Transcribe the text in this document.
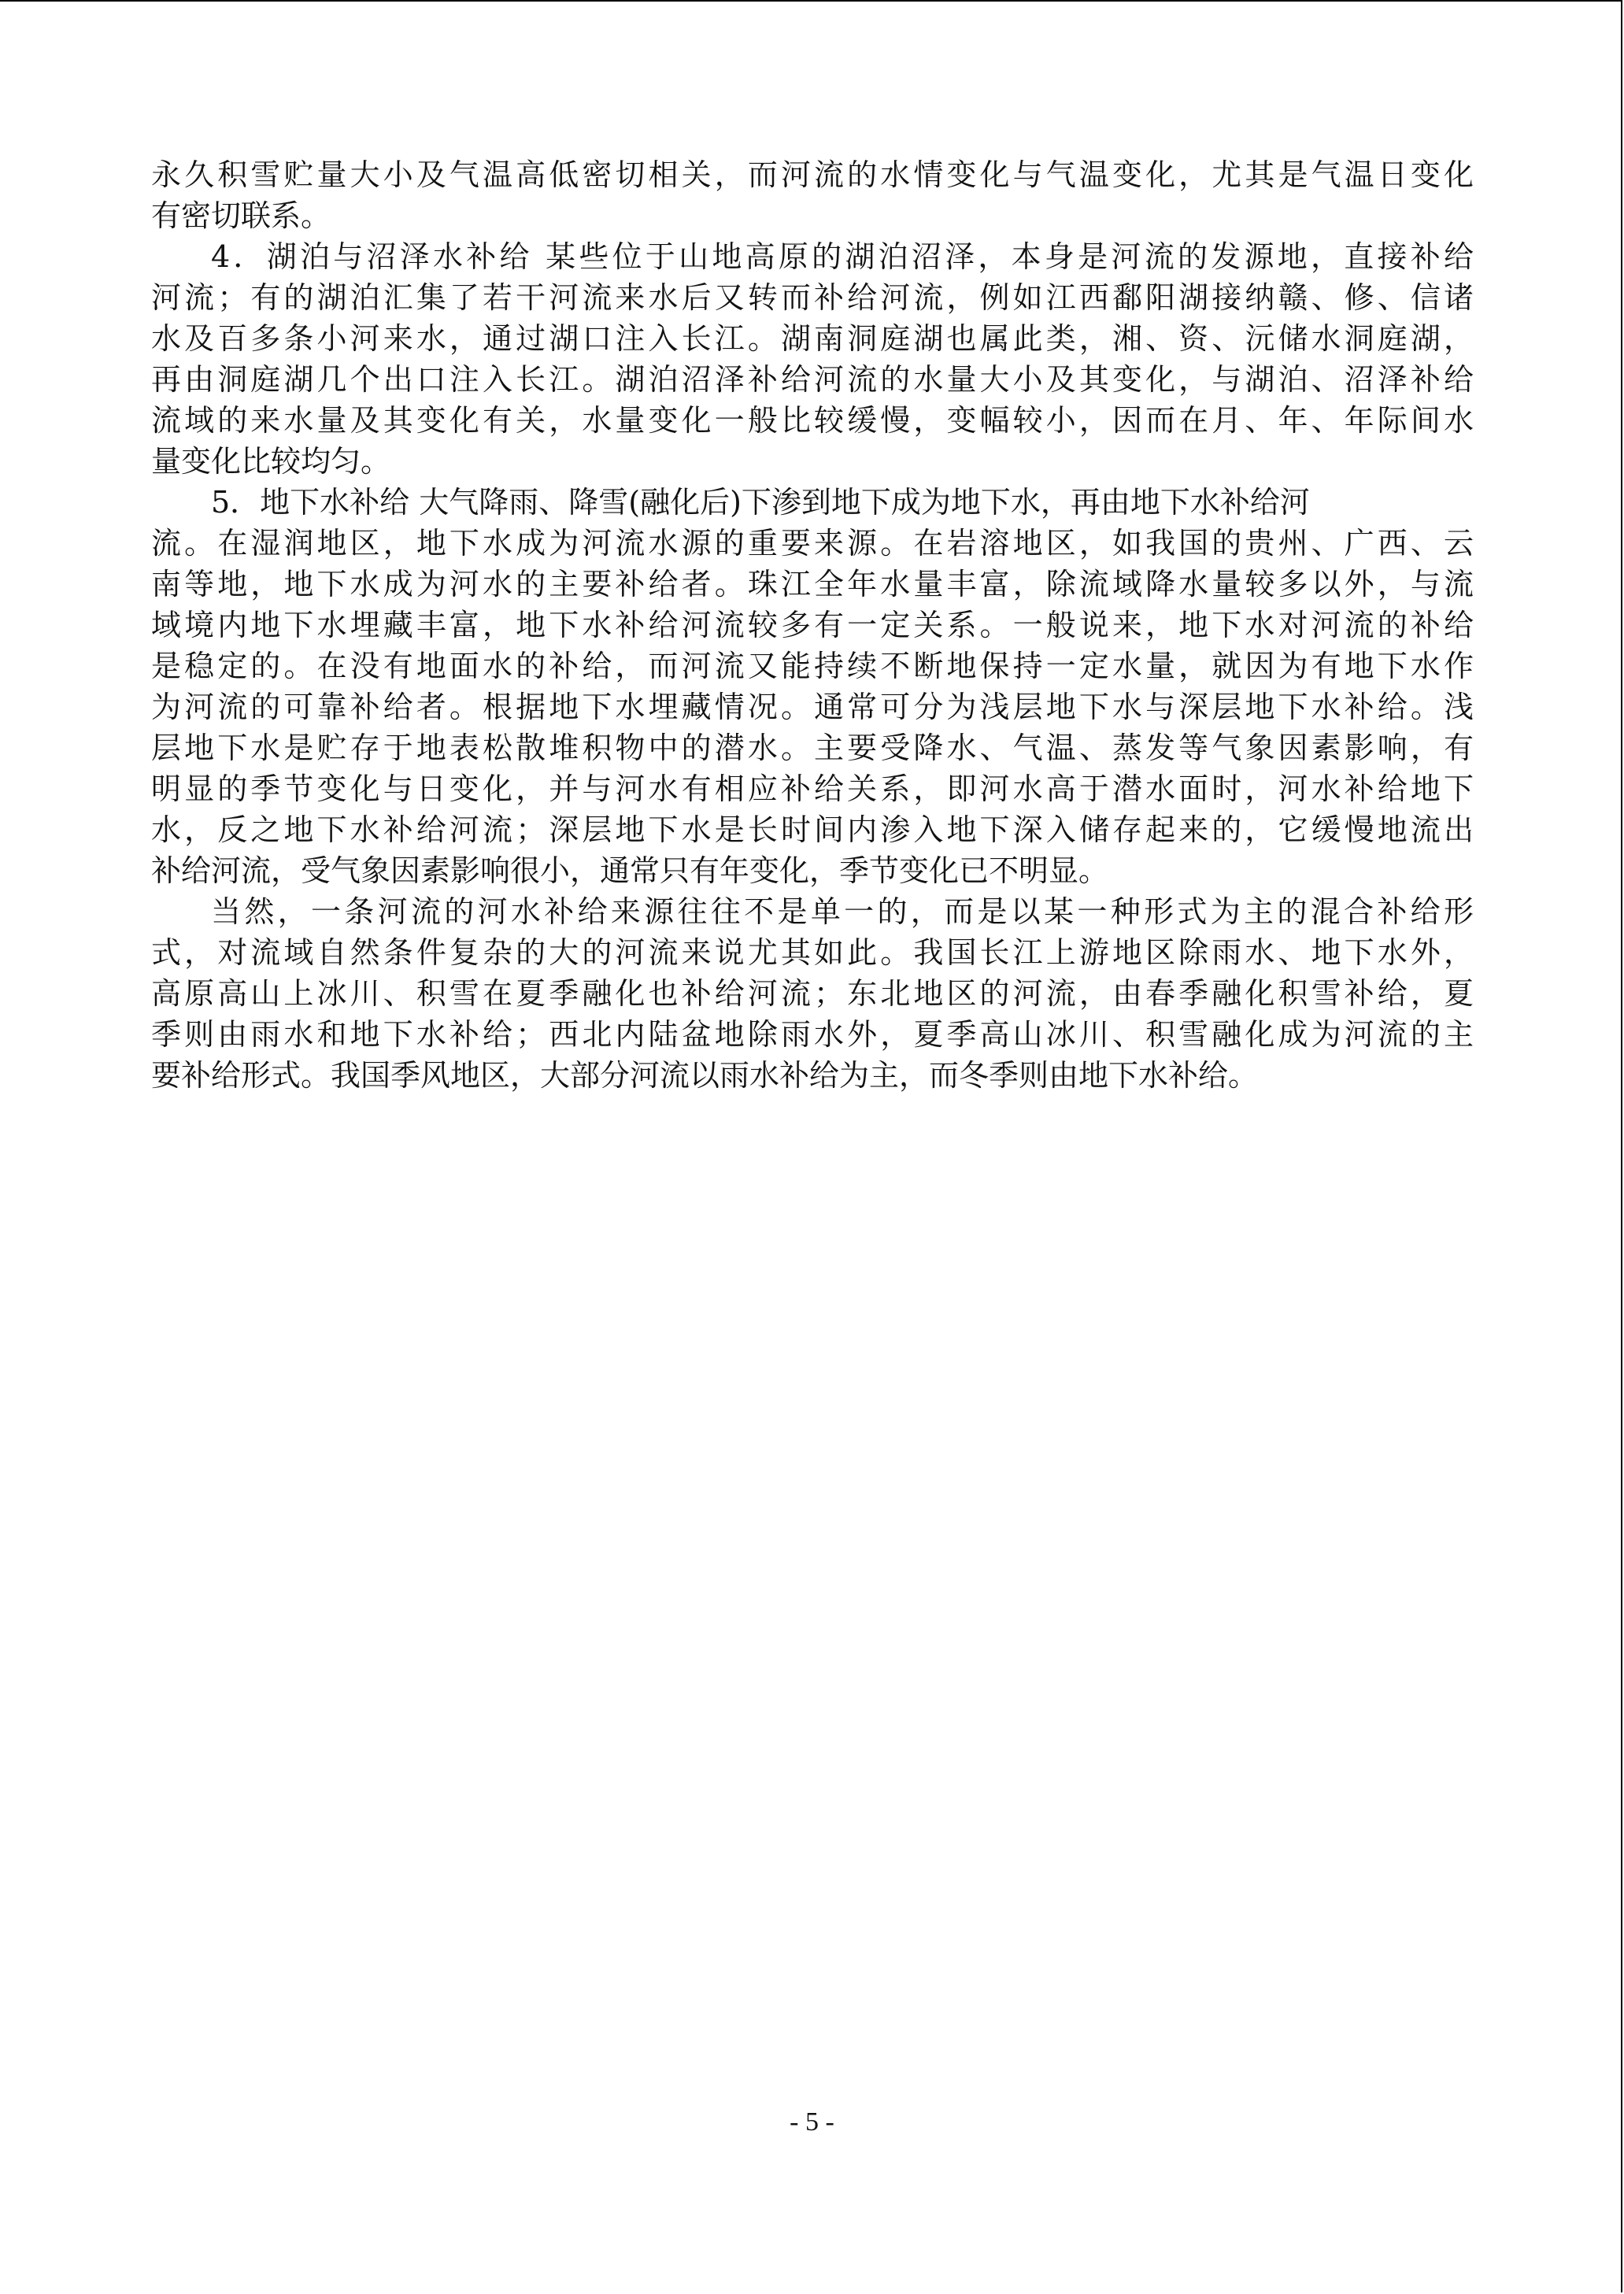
永久积雪贮量大小及气温高低密切相关，而河流的水情变化与气温变化，尤其是气温日变化
有密切联系。

4．湖泊与沼泽水补给 某些位于山地高原的湖泊沼泽，本身是河流的发源地，直接补给
河流；有的湖泊汇集了若干河流来水后又转而补给河流，例如江西鄱阳湖接纳赣、修、信诸
水及百多条小河来水，通过湖口注入长江。湖南洞庭湖也属此类，湘、资、沅储水洞庭湖，
再由洞庭湖几个出口注入长江。湖泊沼泽补给河流的水量大小及其变化，与湖泊、沼泽补给
流域的来水量及其变化有关，水量变化一般比较缓慢，变幅较小，因而在月、年、年际间水
量变化比较均匀。

5．地下水补给 大气降雨、降雪(融化后)下渗到地下成为地下水，再由地下水补给河
流。在湿润地区，地下水成为河流水源的重要来源。在岩溶地区，如我国的贵州、广西、云
南等地，地下水成为河水的主要补给者。珠江全年水量丰富，除流域降水量较多以外，与流
域境内地下水埋藏丰富，地下水补给河流较多有一定关系。一般说来，地下水对河流的补给
是稳定的。在没有地面水的补给，而河流又能持续不断地保持一定水量，就因为有地下水作
为河流的可靠补给者。根据地下水埋藏情况。通常可分为浅层地下水与深层地下水补给。浅
层地下水是贮存于地表松散堆积物中的潜水。主要受降水、气温、蒸发等气象因素影响，有
明显的季节变化与日变化，并与河水有相应补给关系，即河水高于潜水面时，河水补给地下
水，反之地下水补给河流；深层地下水是长时间内渗入地下深入储存起来的，它缓慢地流出
补给河流，受气象因素影响很小，通常只有年变化，季节变化已不明显。

当然，一条河流的河水补给来源往往不是单一的，而是以某一种形式为主的混合补给形
式，对流域自然条件复杂的大的河流来说尤其如此。我国长江上游地区除雨水、地下水外，
高原高山上冰川、积雪在夏季融化也补给河流；东北地区的河流，由春季融化积雪补给，夏
季则由雨水和地下水补给；西北内陆盆地除雨水外，夏季高山冰川、积雪融化成为河流的主
要补给形式。我国季风地区，大部分河流以雨水补给为主，而冬季则由地下水补给。

- 5 -
